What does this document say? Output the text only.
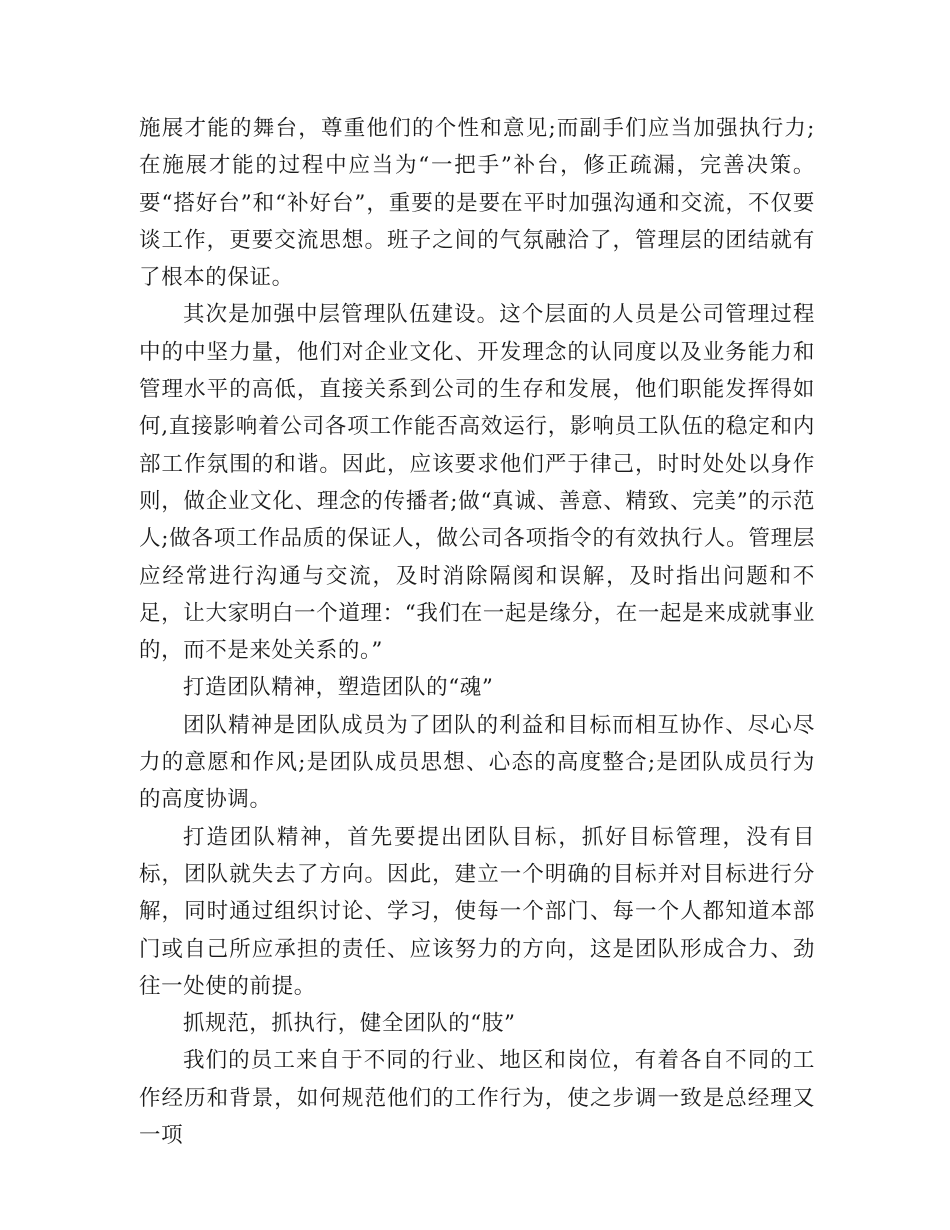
施展才能的舞台，尊重他们的个性和意见;而副手们应当加强执行力;在施展才能的过程中应当为“一把手”补台，修正疏漏，完善决策。要“搭好台”和“补好台”，重要的是要在平时加强沟通和交流，不仅要谈工作，更要交流思想。班子之间的气氛融洽了，管理层的团结就有了根本的保证。

其次是加强中层管理队伍建设。这个层面的人员是公司管理过程中的中坚力量，他们对企业文化、开发理念的认同度以及业务能力和管理水平的高低，直接关系到公司的生存和发展，他们职能发挥得如何,直接影响着公司各项工作能否高效运行，影响员工队伍的稳定和内部工作氛围的和谐。因此，应该要求他们严于律己，时时处处以身作则，做企业文化、理念的传播者;做“真诚、善意、精致、完美”的示范人;做各项工作品质的保证人，做公司各项指令的有效执行人。管理层应经常进行沟通与交流，及时消除隔阂和误解，及时指出问题和不足，让大家明白一个道理：“我们在一起是缘分，在一起是来成就事业的，而不是来处关系的。”

打造团队精神，塑造团队的“魂”

团队精神是团队成员为了团队的利益和目标而相互协作、尽心尽力的意愿和作风;是团队成员思想、心态的高度整合;是团队成员行为的高度协调。

打造团队精神，首先要提出团队目标，抓好目标管理，没有目标，团队就失去了方向。因此，建立一个明确的目标并对目标进行分解，同时通过组织讨论、学习，使每一个部门、每一个人都知道本部门或自己所应承担的责任、应该努力的方向，这是团队形成合力、劲往一处使的前提。

抓规范，抓执行，健全团队的“肢”

我们的员工来自于不同的行业、地区和岗位，有着各自不同的工作经历和背景，如何规范他们的工作行为，使之步调一致是总经理又一项
